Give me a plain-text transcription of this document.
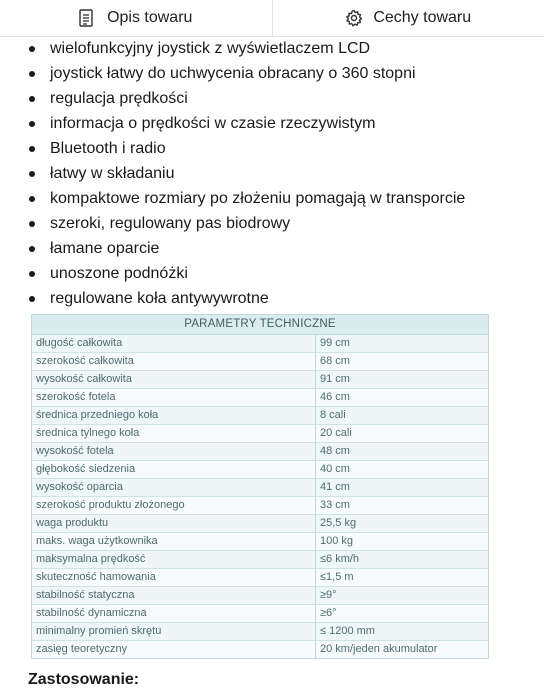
Opis towaru	Cechy towaru
wielofunkcyjny joystick z wyświetlaczem LCD
joystick łatwy do uchwycenia obracany o 360 stopni
regulacja prędkości
informacja o prędkości w czasie rzeczywistym
Bluetooth i radio
łatwy w składaniu
kompaktowe rozmiary po złożeniu pomagają w transporcie
szeroki, regulowany pas biodrowy
łamane oparcie
unoszone podnóżki
regulowane koła antywywrotne
PARAMETRY TECHNICZNE
długość całkowita	99 cm
szerokość całkowita	68 cm
wysokość całkowita	91 cm
szerokość fotela	46 cm
średnica przedniego koła	8 cali
średnica tylnego koła	20 cali
wysokość fotela	48 cm
głębokość siedzenia	40 cm
wysokość oparcia	41 cm
szerokość produktu złożonego	33 cm
waga produktu	25,5 kg
maks. waga użytkownika	100 kg
maksymalna prędkość	≤6 km/h
skuteczność hamowania	≤1,5 m
stabilność statyczna	≥9°
stabilność dynamiczna	≥6°
minimalny promień skrętu	≤ 1200 mm
zasięg teoretyczny	20 km/jeden akumulator
Zastosowanie:
